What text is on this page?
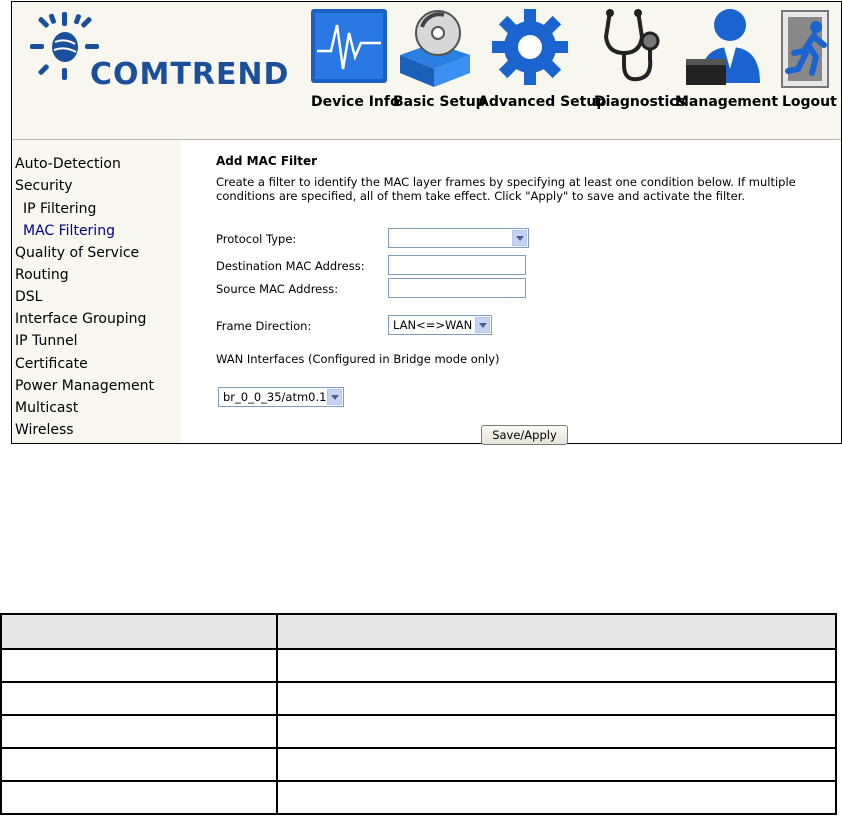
COMTREND
Device Info
Basic Setup
Advanced Setup
Diagnostics
Management Logout
Auto-Detection
Security
IP Filtering
MAC Filtering
Quality of Service
Routing
DSL
Interface Grouping
IP Tunnel
Certificate
Power Management
Multicast
Wireless
Add MAC Filter
Create a filter to identify the MAC layer frames by specifying at least one condition below. If multiple conditions are specified, all of them take effect. Click "Apply" to save and activate the filter.
Protocol Type:
Destination MAC Address:
Source MAC Address:
Frame Direction:	LAN<=>WAN
WAN Interfaces (Configured in Bridge mode only)
br_0_0_35/atm0.1
Save/Apply
